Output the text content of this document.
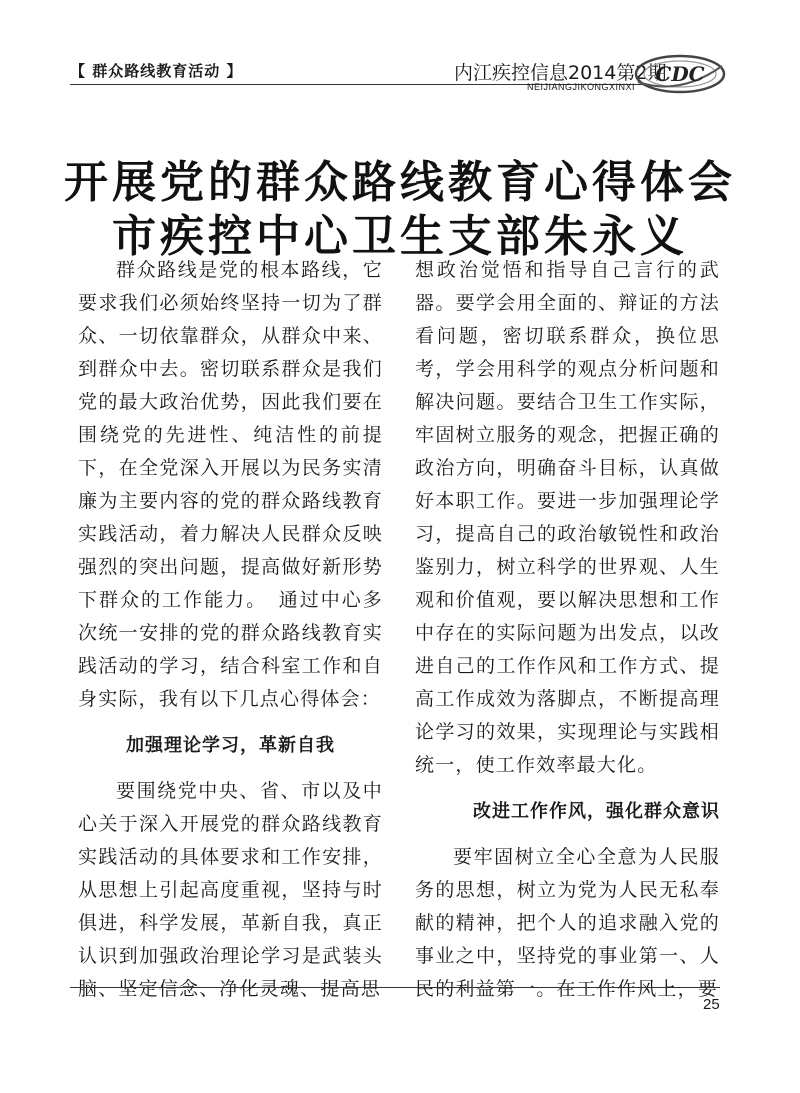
【 群众路线教育活动 】	内江疾控信息2014第2期
NEIJIANGJIKONGXINXI
CDC
开展党的群众路线教育心得体会
市疾控中心卫生支部朱永义

群众路线是党的根本路线，它要求我们必须始终坚持一切为了群众、一切依靠群众，从群众中来、到群众中去。密切联系群众是我们党的最大政治优势，因此我们要在围绕党的先进性、纯洁性的前提下，在全党深入开展以为民务实清廉为主要内容的党的群众路线教育实践活动，着力解决人民群众反映强烈的突出问题，提高做好新形势下群众的工作能力。　通过中心多次统一安排的党的群众路线教育实践活动的学习，结合科室工作和自身实际，我有以下几点心得体会：

加强理论学习，革新自我

要围绕党中央、省、市以及中心关于深入开展党的群众路线教育实践活动的具体要求和工作安排，从思想上引起高度重视，坚持与时俱进，科学发展，革新自我，真正认识到加强政治理论学习是武装头脑、坚定信念、净化灵魂、提高思

想政治觉悟和指导自己言行的武器。要学会用全面的、辩证的方法看问题，密切联系群众，换位思考，学会用科学的观点分析问题和解决问题。要结合卫生工作实际，牢固树立服务的观念，把握正确的政治方向，明确奋斗目标，认真做好本职工作。要进一步加强理论学习，提高自己的政治敏锐性和政治鉴别力，树立科学的世界观、人生观和价值观，要以解决思想和工作中存在的实际问题为出发点，以改进自己的工作作风和工作方式、提高工作成效为落脚点，不断提高理论学习的效果，实现理论与实践相统一，使工作效率最大化。

改进工作作风，强化群众意识

要牢固树立全心全意为人民服务的思想，树立为党为人民无私奉献的精神，把个人的追求融入党的事业之中，坚持党的事业第一、人民的利益第一。在工作作风上，要

25
